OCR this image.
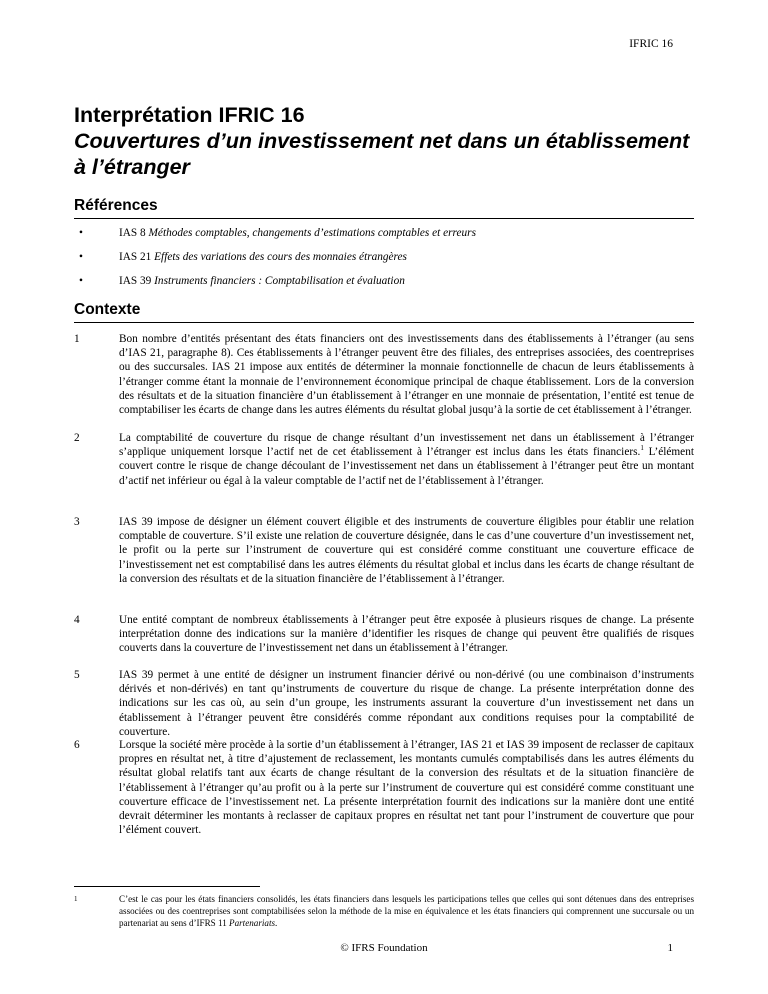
IFRIC 16
Interprétation IFRIC 16
Couvertures d’un investissement net dans un établissement à l’étranger
Références
•	IAS 8 Méthodes comptables, changements d’estimations comptables et erreurs
•	IAS 21 Effets des variations des cours des monnaies étrangères
•	IAS 39 Instruments financiers : Comptabilisation et évaluation
Contexte
1	Bon nombre d’entités présentant des états financiers ont des investissements dans des établissements à l’étranger (au sens d’IAS 21, paragraphe 8). Ces établissements à l’étranger peuvent être des filiales, des entreprises associées, des coentreprises ou des succursales. IAS 21 impose aux entités de déterminer la monnaie fonctionnelle de chacun de leurs établissements à l’étranger comme étant la monnaie de l’environnement économique principal de chaque établissement. Lors de la conversion des résultats et de la situation financière d’un établissement à l’étranger en une monnaie de présentation, l’entité est tenue de comptabiliser les écarts de change dans les autres éléments du résultat global jusqu’à la sortie de cet établissement à l’étranger.
2	La comptabilité de couverture du risque de change résultant d’un investissement net dans un établissement à l’étranger s’applique uniquement lorsque l’actif net de cet établissement à l’étranger est inclus dans les états financiers.$^1$ L’élément couvert contre le risque de change découlant de l’investissement net dans un établissement à l’étranger peut être un montant d’actif net inférieur ou égal à la valeur comptable de l’actif net de l’établissement à l’étranger.
3	IAS 39 impose de désigner un élément couvert éligible et des instruments de couverture éligibles pour établir une relation comptable de couverture. S’il existe une relation de couverture désignée, dans le cas d’une couverture d’un investissement net, le profit ou la perte sur l’instrument de couverture qui est considéré comme constituant une couverture efficace de l’investissement net est comptabilisé dans les autres éléments du résultat global et inclus dans les écarts de change résultant de la conversion des résultats et de la situation financière de l’établissement à l’étranger.
4	Une entité comptant de nombreux établissements à l’étranger peut être exposée à plusieurs risques de change. La présente interprétation donne des indications sur la manière d’identifier les risques de change qui peuvent être qualifiés de risques couverts dans la couverture de l’investissement net dans un établissement à l’étranger.
5	IAS 39 permet à une entité de désigner un instrument financier dérivé ou non-dérivé (ou une combinaison d’instruments dérivés et non-dérivés) en tant qu’instruments de couverture du risque de change. La présente interprétation donne des indications sur les cas où, au sein d’un groupe, les instruments assurant la couverture d’un investissement net dans un établissement à l’étranger peuvent être considérés comme répondant aux conditions requises pour la comptabilité de couverture.
6	Lorsque la société mère procède à la sortie d’un établissement à l’étranger, IAS 21 et IAS 39 imposent de reclasser de capitaux propres en résultat net, à titre d’ajustement de reclassement, les montants cumulés comptabilisés dans les autres éléments du résultat global relatifs tant aux écarts de change résultant de la conversion des résultats et de la situation financière de l’établissement à l’étranger qu’au profit ou à la perte sur l’instrument de couverture qui est considéré comme constituant une couverture efficace de l’investissement net. La présente interprétation fournit des indications sur la manière dont une entité devrait déterminer les montants à reclasser de capitaux propres en résultat net tant pour l’instrument de couverture que pour l’élément couvert.
1	C’est le cas pour les états financiers consolidés, les états financiers dans lesquels les participations telles que celles qui sont détenues dans des entreprises associées ou des coentreprises sont comptabilisées selon la méthode de la mise en équivalence et les états financiers qui comprennent une succursale ou un partenariat au sens d’IFRS 11 Partenariats.
© IFRS Foundation	1
